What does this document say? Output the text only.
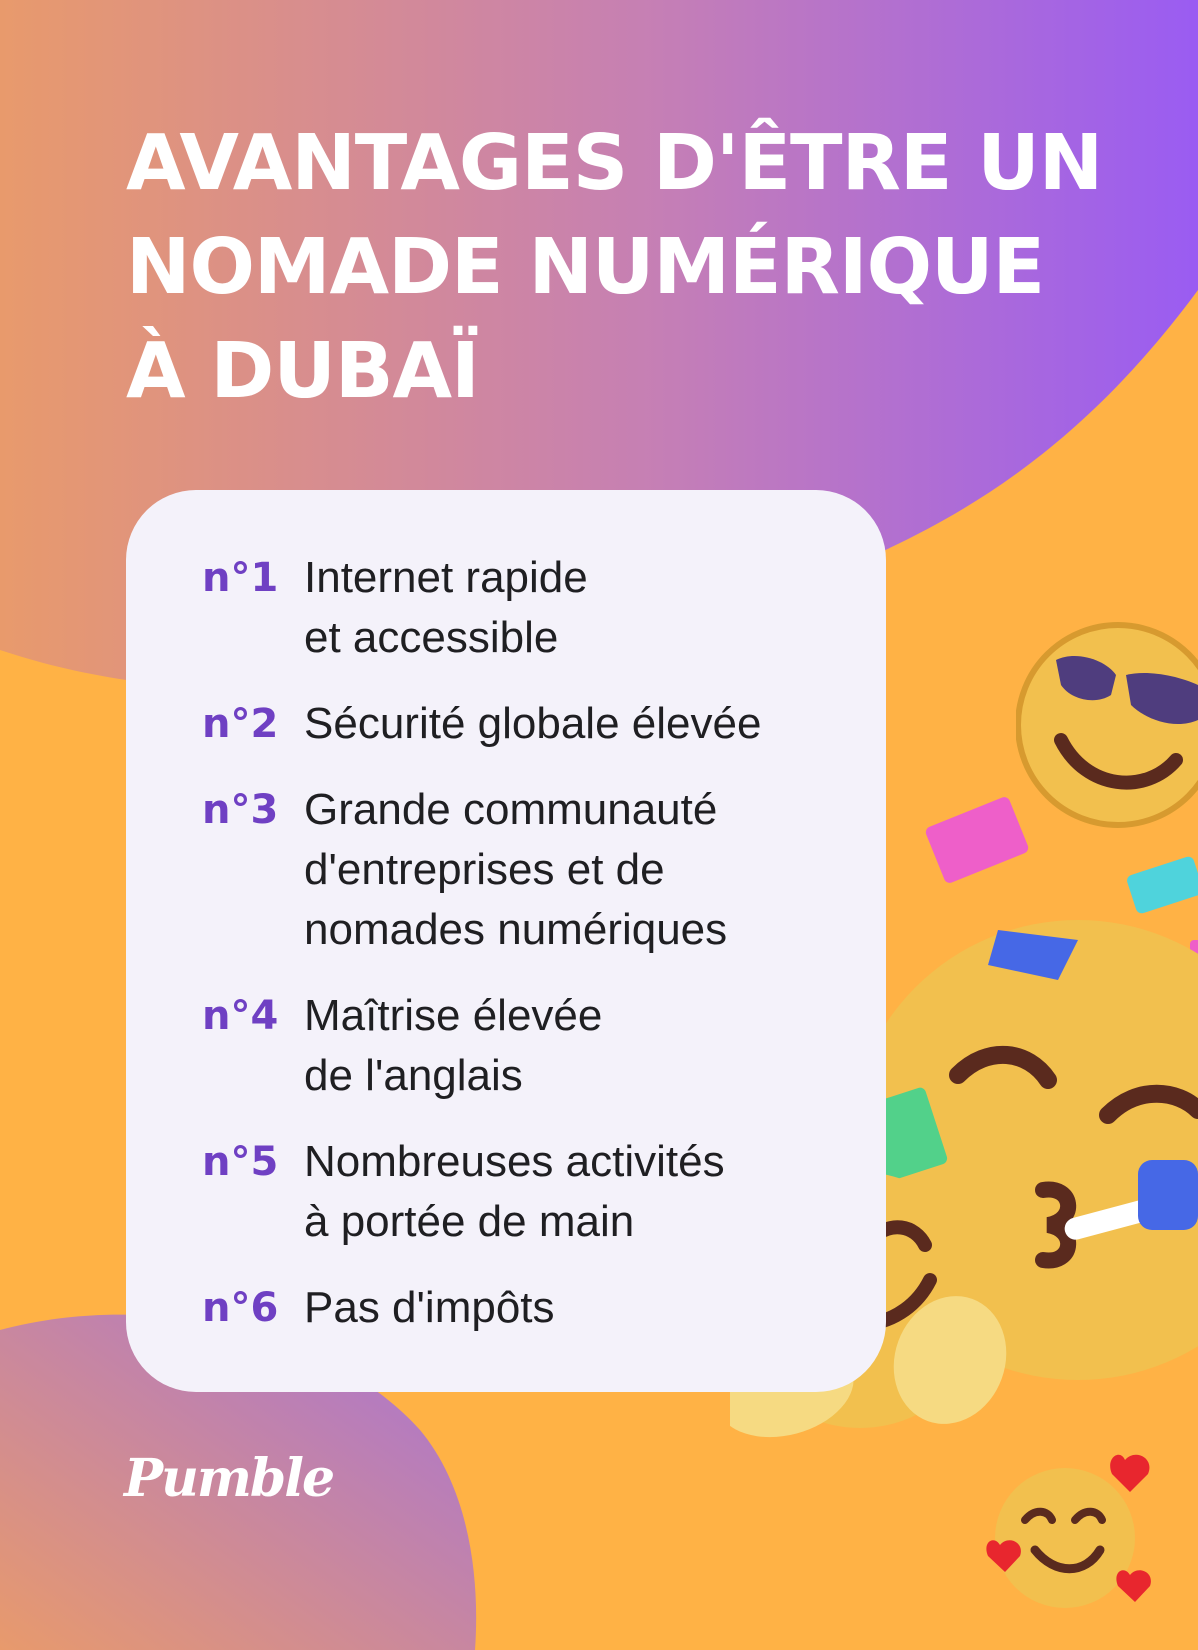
AVANTAGES D'ÊTRE UN
NOMADE NUMÉRIQUE
À DUBAÏ
n°1 Internet rapide
et accessible
n°2 Sécurité globale élevée
n°3 Grande communauté
d'entreprises et de
nomades numériques
n°4 Maîtrise élevée
de l'anglais
n°5 Nombreuses activités
à portée de main
n°6 Pas d'impôts
Pumble
